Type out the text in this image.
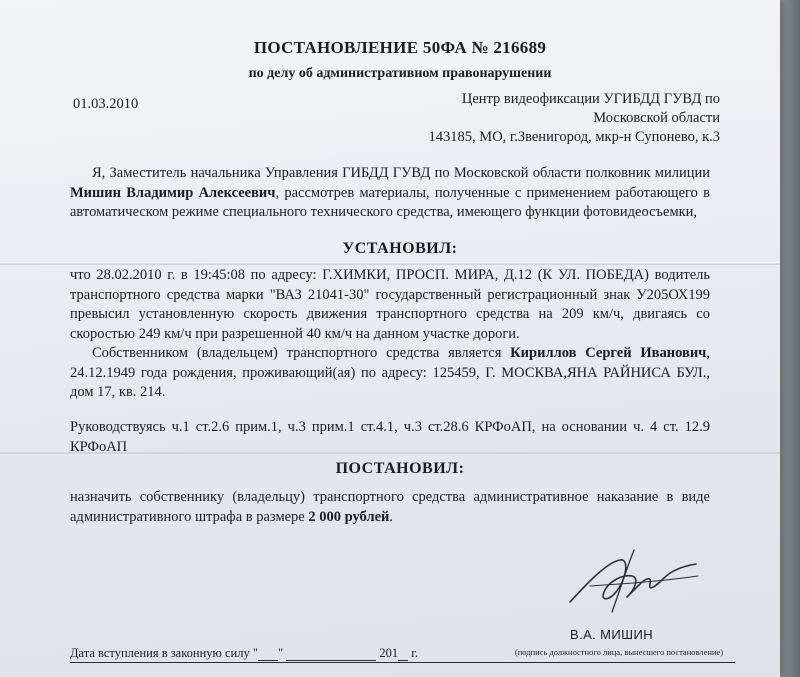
ПОСТАНОВЛЕНИЕ 50ФА № 216689
по делу об административном правонарушении
01.03.2010	Центр видеофиксации УГИБДД ГУВД по
Московской области
143185, МО, г.Звенигород, мкр-н Супонево, к.3
Я, Заместитель начальника Управления ГИБДД ГУВД по Московской области полковник милиции Мишин Владимир Алексеевич, рассмотрев материалы, полученные с применением работающего в автоматическом режиме специального технического средства, имеющего функции фотовидеосъемки,
УСТАНОВИЛ:
что 28.02.2010 г. в 19:45:08 по адресу: Г.ХИМКИ, ПРОСП. МИРА, Д.12 (К УЛ. ПОБЕДА) водитель транспортного средства марки "ВАЗ 21041-30" государственный регистрационный знак У205ОХ199 превысил установленную скорость движения транспортного средства на 209 км/ч, двигаясь со скоростью 249 км/ч при разрешенной 40 км/ч на данном участке дороги.
Собственником (владельцем) транспортного средства является Кириллов Сергей Иванович, 24.12.1949 года рождения, проживающий(ая) по адресу: 125459, Г. МОСКВА,ЯНА РАЙНИСА БУЛ., дом 17, кв. 214.
Руководствуясь ч.1 ст.2.6 прим.1, ч.3 прим.1 ст.4.1, ч.3 ст.28.6 КРФоАП, на основании ч. 4 ст. 12.9 КРФоАП
ПОСТАНОВИЛ:
назначить собственнику (владельцу) транспортного средства административное наказание в виде административного штрафа в размере 2 000 рублей.
В.А. МИШИН
Дата вступления в законную силу " "	201 г.	(подпись должностного лица, вынесшего постановление)
